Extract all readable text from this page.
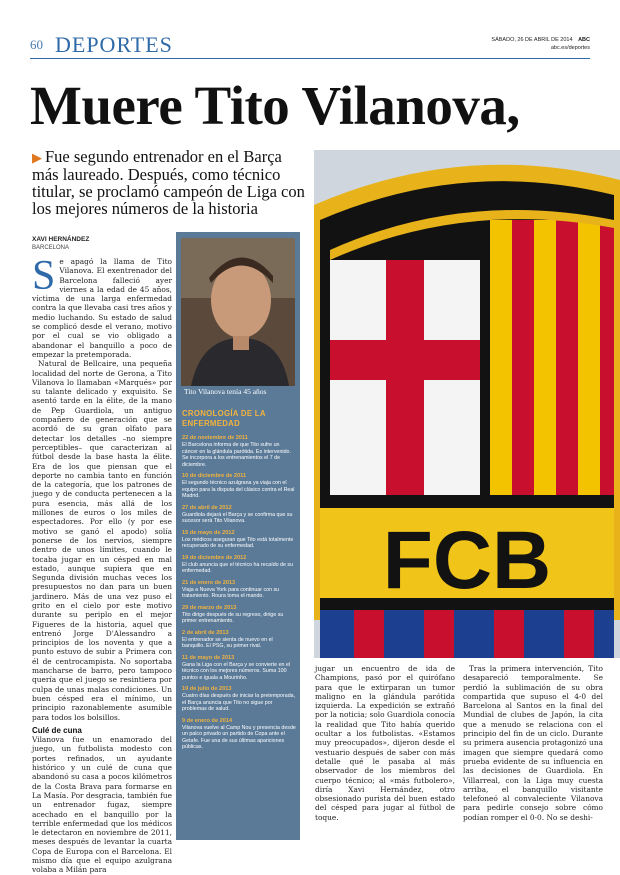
60 DEPORTES	SÁBADO, 26 DE ABRIL DE 2014 ABC
abc.es/deportes
Muere Tito Vilanova,
▶ Fue segundo entrenador en el Barça más laureado. Después, como técnico titular, se proclamó campeón de Liga con los mejores números de la historia
FCB
XAVI HERNÁNDEZ
BARCELONA

Se apagó la llama de Tito Vilanova. El exentrenador del Barcelona falleció ayer viernes a la edad de 45 años, víctima de una larga enfermedad contra la que llevaba casi tres años y medio luchando. Su estado de salud se complicó desde el verano, motivo por el cual se vio obligado a abandonar el banquillo a poco de empezar la pretemporada.

Natural de Bellcaire, una pequeña localidad del norte de Gerona, a Tito Vilanova lo llamaban «Marqués» por su talante delicado y exquisito. Se asentó tarde en la élite, de la mano de Pep Guardiola, un antiguo compañero de generación que se acordó de su gran olfato para detectar los detalles –no siempre perceptibles– que caracterizan al fútbol desde la base hasta la élite. Era de los que piensan que el deporte no cambia tanto en función de la categoría, que los patrones de juego y de conducta pertenecen a la pura esencia, más allá de los millones de euros o los miles de espectadores. Por ello (y por ese motivo se ganó el apodo) solía ponerse de los nervios, siempre dentro de unos límites, cuando le tocaba jugar en un césped en mal estado, aunque supiera que en Segunda división muchas veces los presupuestos no dan para un buen jardinero. Más de una vez puso el grito en el cielo por este motivo durante su periplo en el mejor Figueres de la historia, aquel que entrenó Jorge D'Alessandro a principios de los noventa y que a punto estuvo de subir a Primera con él de centrocampista. No soportaba mancharse de barro, pero tampoco quería que el juego se resintiera por culpa de unas malas condiciones. Un buen césped era el mínimo, un principio razonablemente asumible para todos los bolsillos.

Culé de cuna

Vilanova fue un enamorado del juego, un futbolista modesto con portes refinados, un ayudante histórico y un culé de cuna que abandonó su casa a pocos kilómetros de la Costa Brava para formarse en La Masía. Por desgracia, también fue un entrenador fugaz, siempre acechado en el banquillo por la terrible enfermedad que los médicos le detectaron en noviembre de 2011, meses después de levantar la cuarta Copa de Europa con el Barcelona. El mismo día que el equipo azulgrana volaba a Milán para

Tito Vilanova tenía 45 años
CRONOLOGÍA DE LA ENFERMEDAD
22 de noviembre de 2011
El Barcelona informa de que Tito sufre un cáncer en la glándula parótida. Es intervenido. Se incorpora a los entrenamientos el 7 de diciembre.
10 de diciembre de 2011
El segundo técnico azulgrana ya viaja con el equipo para la disputa del clásico contra el Real Madrid.
27 de abril de 2012
Guardiola dejará el Barça y se confirma que su sucesor será Tito Vilanova.
15 de mayo de 2012
Los médicos aseguran que Tito está totalmente recuperado de su enfermedad.
19 de diciembre de 2012
El club anuncia que el técnico ha recaído de su enfermedad.
21 de enero de 2013
Viaja a Nueva York para continuar con su tratamiento. Roura toma el mando.
29 de marzo de 2013
Tito dirige después de su regreso, dirige su primer entrenamiento.
2 de abril de 2013
El entrenador se sienta de nuevo en el banquillo. El PSG, su primer rival.
11 de mayo de 2013
Gana la Liga con el Barça y se convierte en el técnico con los mejores números. Suma 100 puntos e iguala a Mourinho.
19 de julio de 2013
Cuatro días después de iniciar la pretemporada, el Barça anuncia que Tito no sigue por problemas de salud.
9 de enero de 2014
Vilanova vuelve al Camp Nou y presencia desde un palco privado un partido de Copa ante el Getafe. Fue una de sus últimas apariciones públicas.

jugar un encuentro de ida de Champions, pasó por el quirófano para que le extirparan un tumor maligno en la glándula parótida izquierda. La expedición se extrañó por la noticia; solo Guardiola conocía la realidad que Tito había querido ocultar a los futbolistas. «Estamos muy preocupados», dijeron desde el vestuario después de saber con más detalle qué le pasaba al más observador de los miembros del cuerpo técnico; al «más futbolero», diría Xavi Hernández, otro obsesionado purista del buen estado del césped para jugar al fútbol de toque.

Tras la primera intervención, Tito desapareció temporalmente. Se perdió la sublimación de su obra compartida que supuso el 4-0 del Barcelona al Santos en la final del Mundial de clubes de Japón, la cita que a menudo se relaciona con el principio del fin de un ciclo. Durante su primera ausencia protagonizó una imagen que siempre quedará como prueba evidente de su influencia en las decisiones de Guardiola. En Villarreal, con la Liga muy cuesta arriba, el banquillo visitante telefoneó al convaleciente Vilanova para pedirle consejo sobre cómo podían romper el 0-0. No se deshi-
